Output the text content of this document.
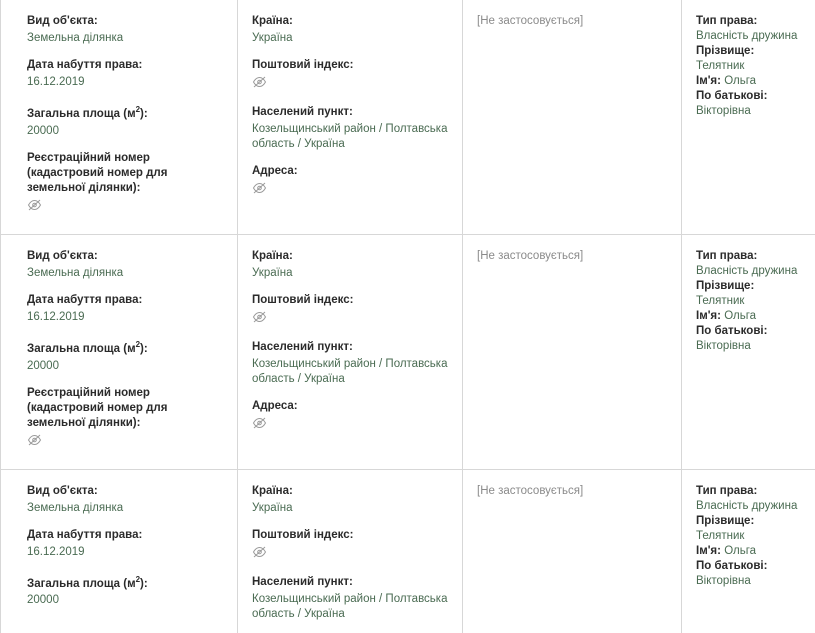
Вид об'єкта:
Земельна ділянка
Дата набуття права:
16.12.2019
Загальна площа $(м^2)$:
20000
Реєстраційний номер (кадастровий номер для земельної ділянки):

Країна:
Україна
Поштовий індекс:
Населений пункт:
Козельщинський район / Полтавська область / Україна
Адреса:

[Не застосовується]	Тип права:
Власність дружина
Прізвище:
Телятник
Ім'я: Ольга
По батькові:
Вікторівна

Вид об'єкта:
Земельна ділянка
Дата набуття права:
16.12.2019
Загальна площа $(м^2)$:
20000
Реєстраційний номер (кадастровий номер для земельної ділянки):

Країна:
Україна
Поштовий індекс:
Населений пункт:
Козельщинський район / Полтавська область / Україна
Адреса:

[Не застосовується]	Тип права:
Власність дружина
Прізвище:
Телятник
Ім'я: Ольга
По батькові:
Вікторівна

Вид об'єкта:
Земельна ділянка
Дата набуття права:
16.12.2019
Загальна площа $(м^2)$:
20000

Країна:
Україна
Поштовий індекс:
Населений пункт:
Козельщинський район / Полтавська область / Україна

[Не застосовується]	Тип права:
Власність дружина
Прізвище:
Телятник
Ім'я: Ольга
По батькові:
Вікторівна
